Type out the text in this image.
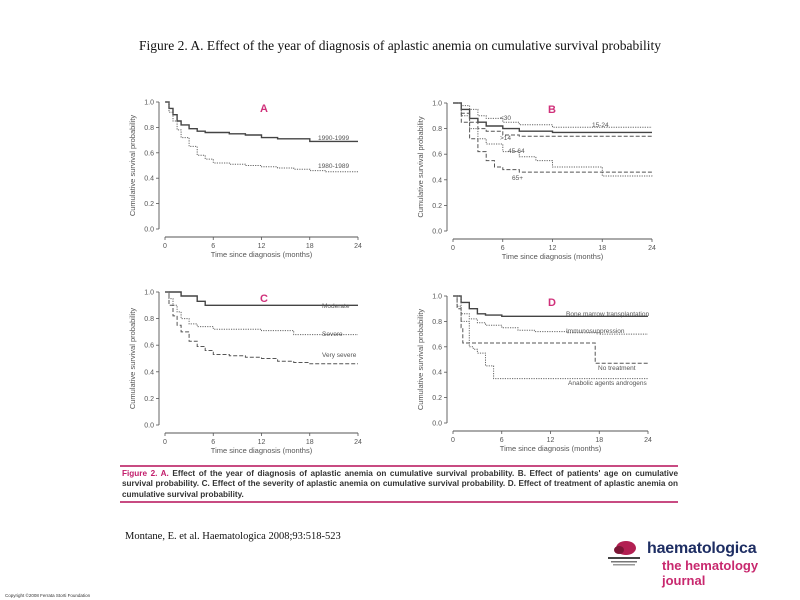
Figure 2. A. Effect of the year of diagnosis of aplastic anemia on cumulative survival probability
0.0
0.2
0.4
0.6
0.8
1.0
0	6	12	18	24
Time since diagnosis (months)
Cumulative survival probability
A
1990-1999
1980-1989
0.0
0.2
0.4
0.6
0.8
1.0
0	6	12	18	24
Time since diagnosis (months)
Cumulative survival probability
B
<30
15-24
>14
45-64
65+
0.0
0.2
0.4
0.6
0.8
1.0
0	6	12	18	24
Time since diagnosis (months)
Cumulative survival probability
C
Moderate
Severe
Very severe
0.0
0.2
0.4
0.6
0.8
1.0
0	6	12	18	24
Time since diagnosis (months)
Cumulative survival probability
D
Bone marrow transplantation
Immunosuppression
No treatment
Anabolic agents androgens
Figure 2. A. Effect of the year of diagnosis of aplastic anemia on cumulative survival probability. B. Effect of patients' age on cumulative survival probability. C. Effect of the severity of aplastic anemia on cumulative survival probability. D. Effect of treatment of aplastic anemia on cumulative survival probability.
Montane, E. et al. Haematologica 2008;93:518-523
haematologica
the hematology journal
Copyright ©2008 Ferrata Storti Foundation
